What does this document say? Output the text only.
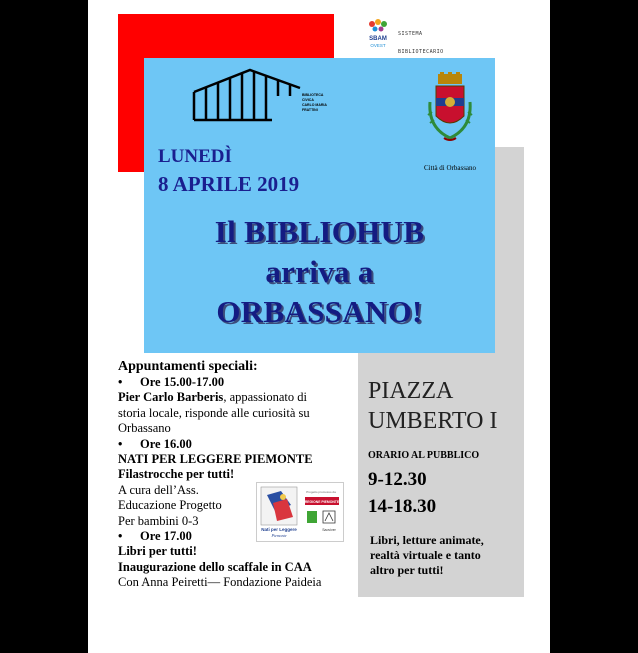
SBAM
OVEST

SISTEMA

BIBLIOTECARIO

BIBLIOTECA
CIVICA
CARLO MARIA
FRATTINI
Città di Orbassano
LUNEDÌ
8 APRILE 2019
Il BIBLIOHUB
arriva a
ORBASSANO!
Appuntamenti speciali:
• Ore 15.00-17.00
Pier Carlo Barberis, appassionato di
storia locale, risponde alle curiosità su
Orbassano
• Ore 16.00
NATI PER LEGGERE PIEMONTE
Filastrocche per tutti!
A cura dell’Ass.
Educazione Progetto
Per bambini 0-3
• Ore 17.00
Libri per tutti!
Inaugurazione dello scaffale in CAA
Con Anna Peiretti— Fondazione Paideia
Nati per Leggere
Piemonte
Progetto promosso da
REGIONE PIEMONTE
Saoviver
PIAZZA
UMBERTO I
ORARIO AL PUBBLICO
9-12.30
14-18.30
Libri, letture animate,
realtà virtuale e tanto
altro per tutti!
